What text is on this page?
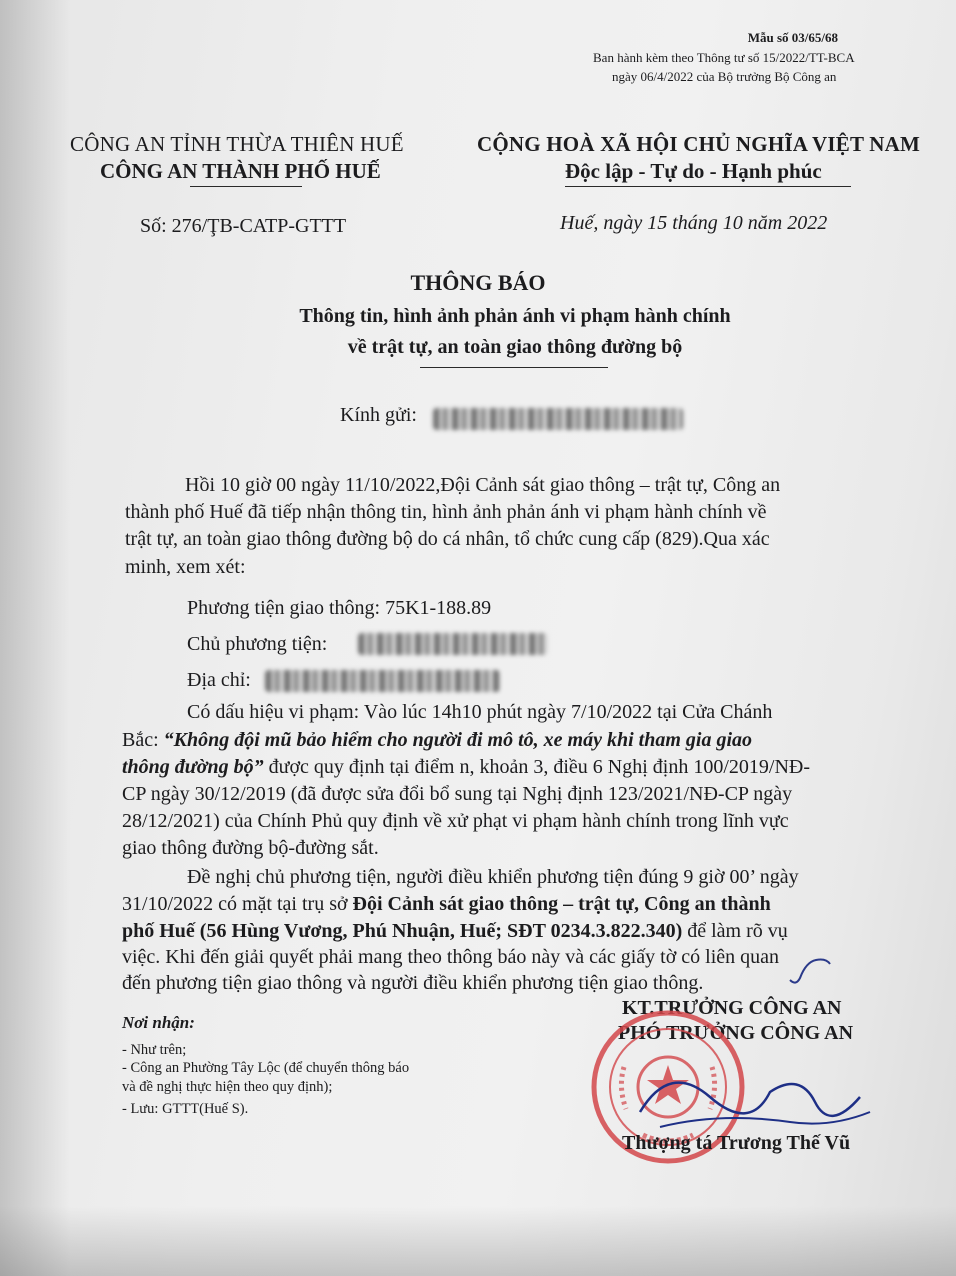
Mẫu số 03/65/68
Ban hành kèm theo Thông tư số 15/2022/TT-BCA
ngày 06/4/2022 của Bộ trưởng Bộ Công an
CÔNG AN TỈNH THỪA THIÊN HUẾ
CÔNG AN THÀNH PHỐ HUẾ
CỘNG HOÀ XÃ HỘI CHỦ NGHĨA VIỆT NAM
Độc lập - Tự do - Hạnh phúc
Số: 276/ŢB-CATP-GTTT	Huế, ngày 15 tháng 10 năm 2022
THÔNG BÁO
Thông tin, hình ảnh phản ánh vi phạm hành chính
về trật tự, an toàn giao thông đường bộ
Kính gửi:
Hồi 10 giờ 00 ngày 11/10/2022,Đội Cảnh sát giao thông – trật tự, Công an
thành phố Huế đã tiếp nhận thông tin, hình ảnh phản ánh vi phạm hành chính về
trật tự, an toàn giao thông đường bộ do cá nhân, tổ chức cung cấp (829).Qua xác
minh, xem xét:
Phương tiện giao thông: 75K1-188.89
Chủ phương tiện:
Địa chỉ:
Có dấu hiệu vi phạm: Vào lúc 14h10 phút ngày 7/10/2022 tại Cửa Chánh
Bắc: “Không đội mũ bảo hiểm cho người đi mô tô, xe máy khi tham gia giao
thông đường bộ” được quy định tại điểm n, khoản 3, điều 6 Nghị định 100/2019/NĐ-
CP ngày 30/12/2019 (đã được sửa đổi bổ sung tại Nghị định 123/2021/NĐ-CP ngày
28/12/2021) của Chính Phủ quy định về xử phạt vi phạm hành chính trong lĩnh vực
giao thông đường bộ-đường sắt.
Đề nghị chủ phương tiện, người điều khiển phương tiện đúng 9 giờ 00’ ngày
31/10/2022 có mặt tại trụ sở Đội Cảnh sát giao thông – trật tự, Công an thành
phố Huế (56 Hùng Vương, Phú Nhuận, Huế; SĐT 0234.3.822.340) để làm rõ vụ
việc. Khi đến giải quyết phải mang theo thông báo này và các giấy tờ có liên quan
đến phương tiện giao thông và người điều khiển phương tiện giao thông.
Nơi nhận:
- Như trên;
- Công an Phường Tây Lộc (để chuyển thông báo
và đề nghị thực hiện theo quy định);
- Lưu: GTTT(Huế S).
KT.TRƯỞNG CÔNG AN
PHÓ TRƯỞNG CÔNG AN
Thượng tá Trương Thế Vũ
